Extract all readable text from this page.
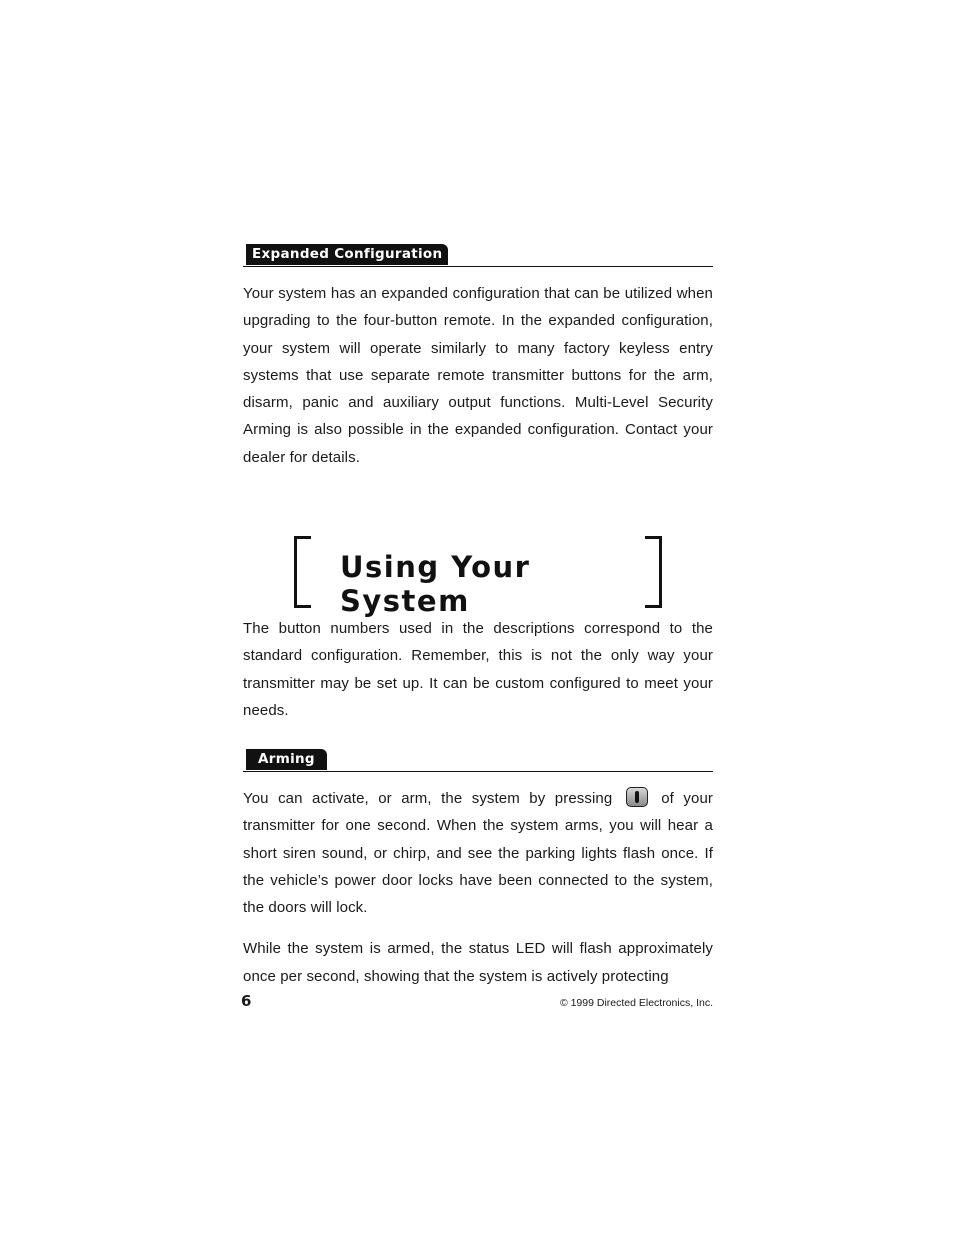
Expanded Configuration

Your system has an expanded configuration that can be utilized when upgrading to the four-button remote. In the expanded configuration, your system will operate similarly to many factory keyless entry systems that use separate remote transmitter buttons for the arm, disarm, panic and auxiliary output functions. Multi-Level Security Arming is also possible in the expanded configuration. Contact your dealer for details.

Using Your System

The button numbers used in the descriptions correspond to the standard configuration. Remember, this is not the only way your transmitter may be set up. It can be custom configured to meet your needs.

Arming

You can activate, or arm, the system by pressing	of your transmitter for one second. When the system arms, you will hear a short siren sound, or chirp, and see the parking lights flash once. If the vehicle’s power door locks have been connected to the system, the doors will lock.

While the system is armed, the status LED will flash approximately once per second, showing that the system is actively protecting

6	© 1999 Directed Electronics, Inc.
